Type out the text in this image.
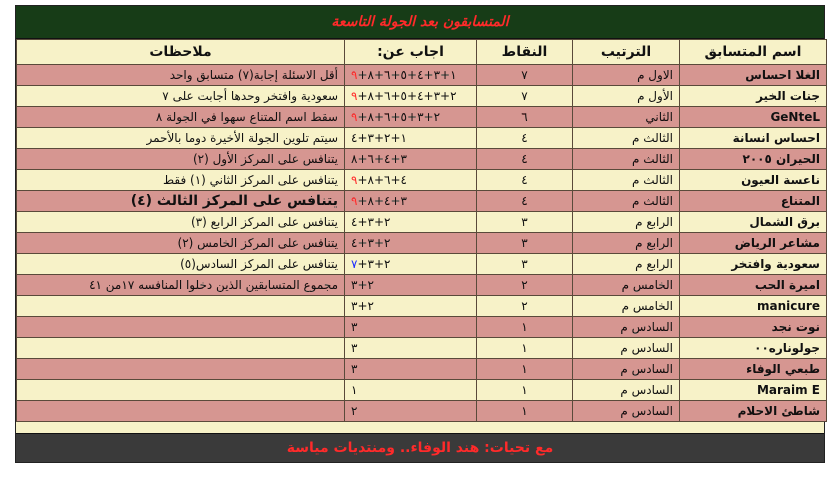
المتسابقون بعد الجولة التاسعة
اسم المتسابق	الترتيب	النقاط	اجاب عن:	ملاحظات
الغلا احساس	الاول م	٧	١+٣+٤+٥+٦+٨+٩	أقل الاسئلة إجابة(٧) متسابق واحد
جنات الخير	الأول م	٧	٢+٣+٤+٥+٦+٨+٩	سعودية وافتخر وحدها أجابت على ٧
GeNteL	الثاني	٦	٢+٣+٥+٦+٨+٩	سقط اسم المتناع سهوا في الجولة ٨
احساس انسانة	الثالث م	٤	١+٢+٣+٤	سيتم تلوين الجولة الأخيرة دوما بالأحمر
الحيران ٢٠٠٥	الثالث م	٤	٣+٤+٦+٨	يتنافس على المركز الأول (٢)
ناعسة العيون	الثالث م	٤	٤+٦+٨+٩	يتنافس على المركز الثاني (١) فقط
المتناع	الثالث م	٤	٣+٤+٨+٩	يتنافس على المركز الثالث (٤)
برق الشمال	الرابع م	٣	٢+٣+٤	يتنافس على المركز الرابع (٣)
مشاعر الرياض	الرابع م	٣	٢+٣+٤	يتنافس على المركز الخامس (٢)
سعودية وافتخر	الرابع م	٣	٢+٣+٧	يتنافس على المركز السادس(٥)
اميرة الحب	الخامس م	٢	٢+٣	مجموع المتسابقين الذين دخلوا المنافسه ١٧من ٤١
manicure	الخامس م	٢	٢+٣	
نوت نجد	السادس م	١	٣	
جولوناره٠٠	السادس م	١	٣	
طبعي الوفاء	السادس م	١	٣	
Maraim E	السادس م	١	١	
شاطئ الاحلام	السادس م	١	٢	
مع تحيات: هند الوفاء.. ومنتديات مياسة
